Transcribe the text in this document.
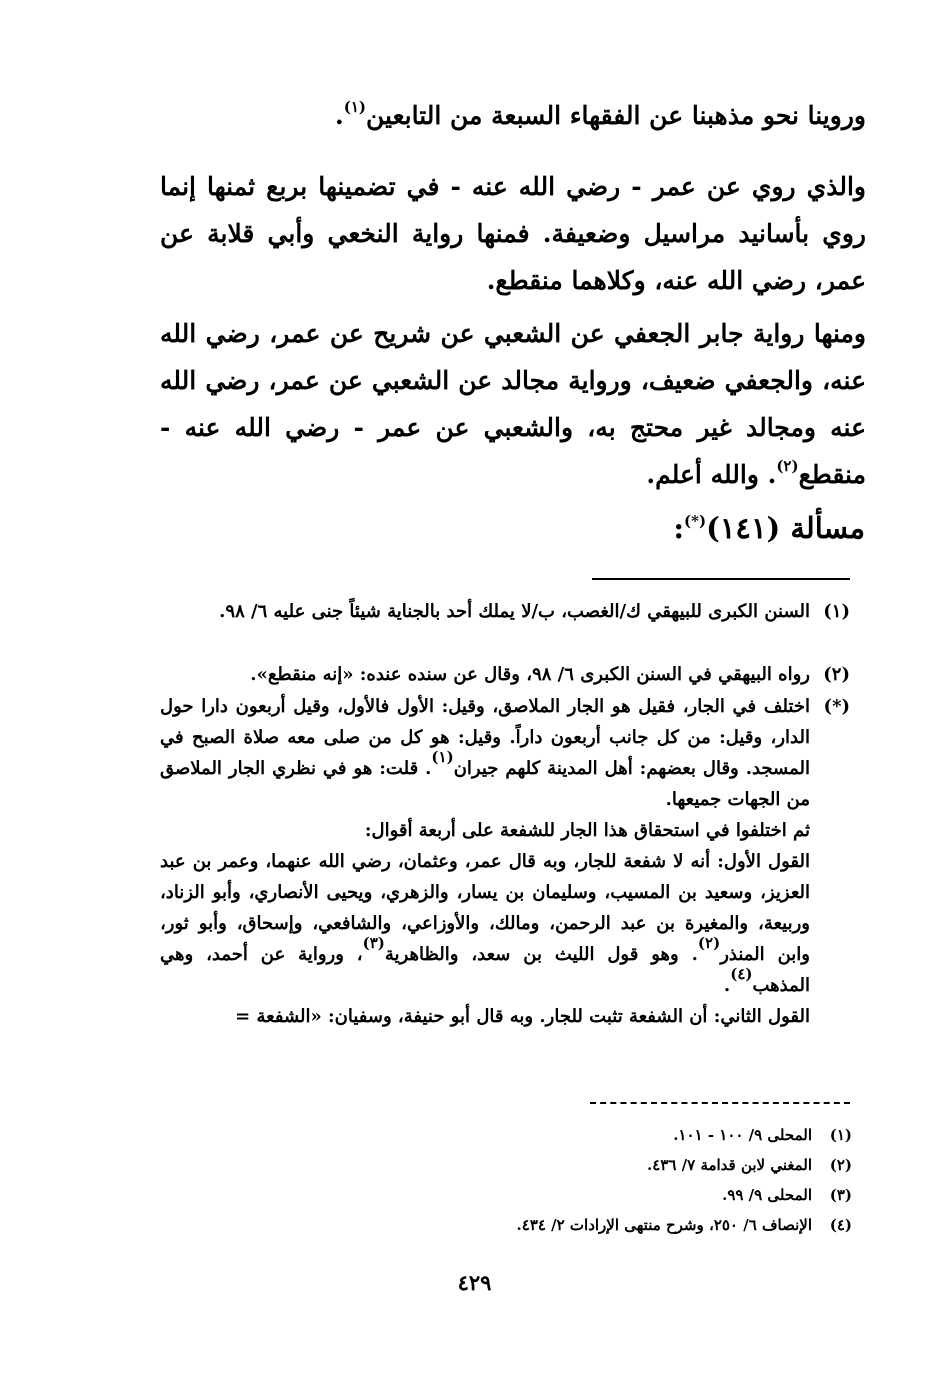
وروينا نحو مذهبنا عن الفقهاء السبعة من التابعين$^{(١)}$.
والذي روي عن عمر - رضي الله عنه - في تضمينها بربع ثمنها إنما روي بأسانيد مراسيل وضعيفة. فمنها رواية النخعي وأبي قلابة عن عمر، رضي الله عنه، وكلاهما منقطع.
ومنها رواية جابر الجعفي عن الشعبي عن شريح عن عمر، رضي الله عنه، والجعفي ضعيف، ورواية مجالد عن الشعبي عن عمر، رضي الله عنه ومجالد غير محتج به، والشعبي عن عمر - رضي الله عنه - منقطع$^{(٢)}$. والله أعلم.
مسألة (١٤١)(*):
(١)
السنن الكبرى للبيهقي ك/الغصب، ب/لا يملك أحد بالجناية شيئاً جنى عليه ٦/ ٩٨.
(٢)
رواه البيهقي في السنن الكبرى ٦/ ٩٨، وقال عن سنده عنده: «إنه منقطع».
(*)
اختلف في الجار، فقيل هو الجار الملاصق، وقيل: الأول فالأول، وقيل أربعون دارا حول الدار، وقيل: من كل جانب أربعون داراً. وقيل: هو كل من صلى معه صلاة الصبح في المسجد. وقال بعضهم: أهل المدينة كلهم جيران$^{(١)}$. قلت: هو في نظري الجار الملاصق من الجهات جميعها.
ثم اختلفوا في استحقاق هذا الجار للشفعة على أربعة أقوال:
القول الأول: أنه لا شفعة للجار، وبه قال عمر، وعثمان، رضي الله عنهما، وعمر بن عبد العزيز، وسعيد بن المسيب، وسليمان بن يسار، والزهري، ويحيى الأنصاري، وأبو الزناد، وربيعة، والمغيرة بن عبد الرحمن، ومالك، والأوزاعي، والشافعي، وإسحاق، وأبو ثور، وابن المنذر$^{(٢)}$. وهو قول الليث بن سعد، والظاهرية$^{(٣)}$، ورواية عن أحمد، وهي المذهب$^{(٤)}$.
القول الثاني: أن الشفعة تثبت للجار. وبه قال أبو حنيفة، وسفيان: «الشفعة =
(١)
المحلى ٩/ ١٠٠ - ١٠١.
(٢)
المغني لابن قدامة ٧/ ٤٣٦.
(٣)
المحلى ٩/ ٩٩.
(٤)
الإنصاف ٦/ ٢٥٠، وشرح منتهى الإرادات ٢/ ٤٣٤.
٤٢٩
